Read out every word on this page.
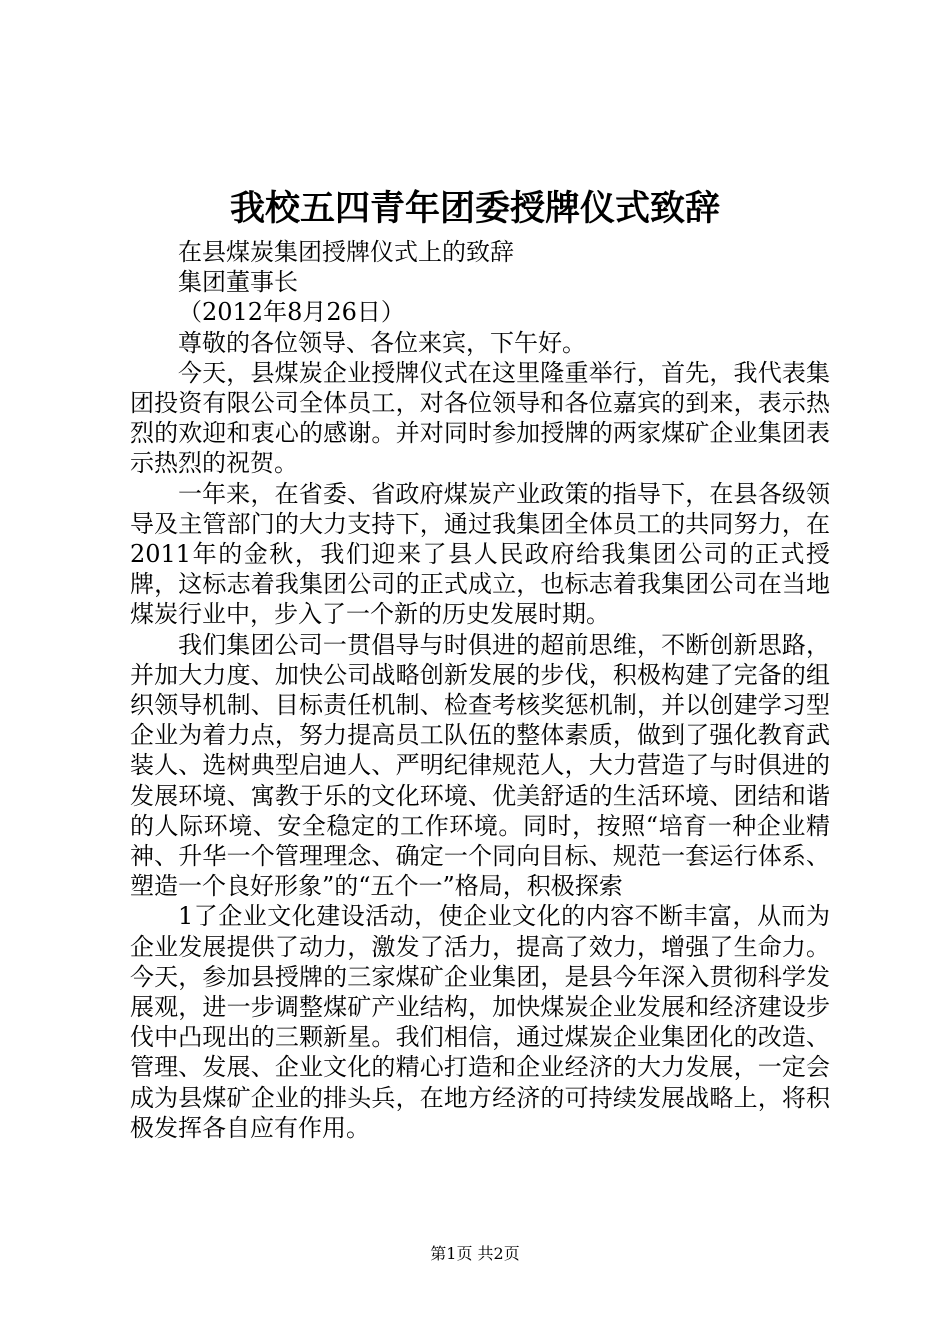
我校五四青年团委授牌仪式致辞

在县煤炭集团授牌仪式上的致辞

集团董事长

（2012年8月26日）

尊敬的各位领导、各位来宾，下午好。

今天，县煤炭企业授牌仪式在这里隆重举行，首先，我代表集团投资有限公司全体员工，对各位领导和各位嘉宾的到来，表示热烈的欢迎和衷心的感谢。并对同时参加授牌的两家煤矿企业集团表示热烈的祝贺。

一年来，在省委、省政府煤炭产业政策的指导下，在县各级领导及主管部门的大力支持下，通过我集团全体员工的共同努力，在2011年的金秋，我们迎来了县人民政府给我集团公司的正式授牌，这标志着我集团公司的正式成立，也标志着我集团公司在当地煤炭行业中，步入了一个新的历史发展时期。

我们集团公司一贯倡导与时俱进的超前思维，不断创新思路，并加大力度、加快公司战略创新发展的步伐，积极构建了完备的组织领导机制、目标责任机制、检查考核奖惩机制，并以创建学习型企业为着力点，努力提高员工队伍的整体素质，做到了强化教育武装人、选树典型启迪人、严明纪律规范人，大力营造了与时俱进的发展环境、寓教于乐的文化环境、优美舒适的生活环境、团结和谐的人际环境、安全稳定的工作环境。同时，按照“培育一种企业精神、升华一个管理理念、确定一个同向目标、规范一套运行体系、塑造一个良好形象”的“五个一”格局，积极探索

1了企业文化建设活动，使企业文化的内容不断丰富，从而为企业发展提供了动力，激发了活力，提高了效力，增强了生命力。今天，参加县授牌的三家煤矿企业集团，是县今年深入贯彻科学发展观，进一步调整煤矿产业结构，加快煤炭企业发展和经济建设步伐中凸现出的三颗新星。我们相信，通过煤炭企业集团化的改造、管理、发展、企业文化的精心打造和企业经济的大力发展，一定会成为县煤矿企业的排头兵，在地方经济的可持续发展战略上，将积极发挥各自应有作用。

第1页 共2页
